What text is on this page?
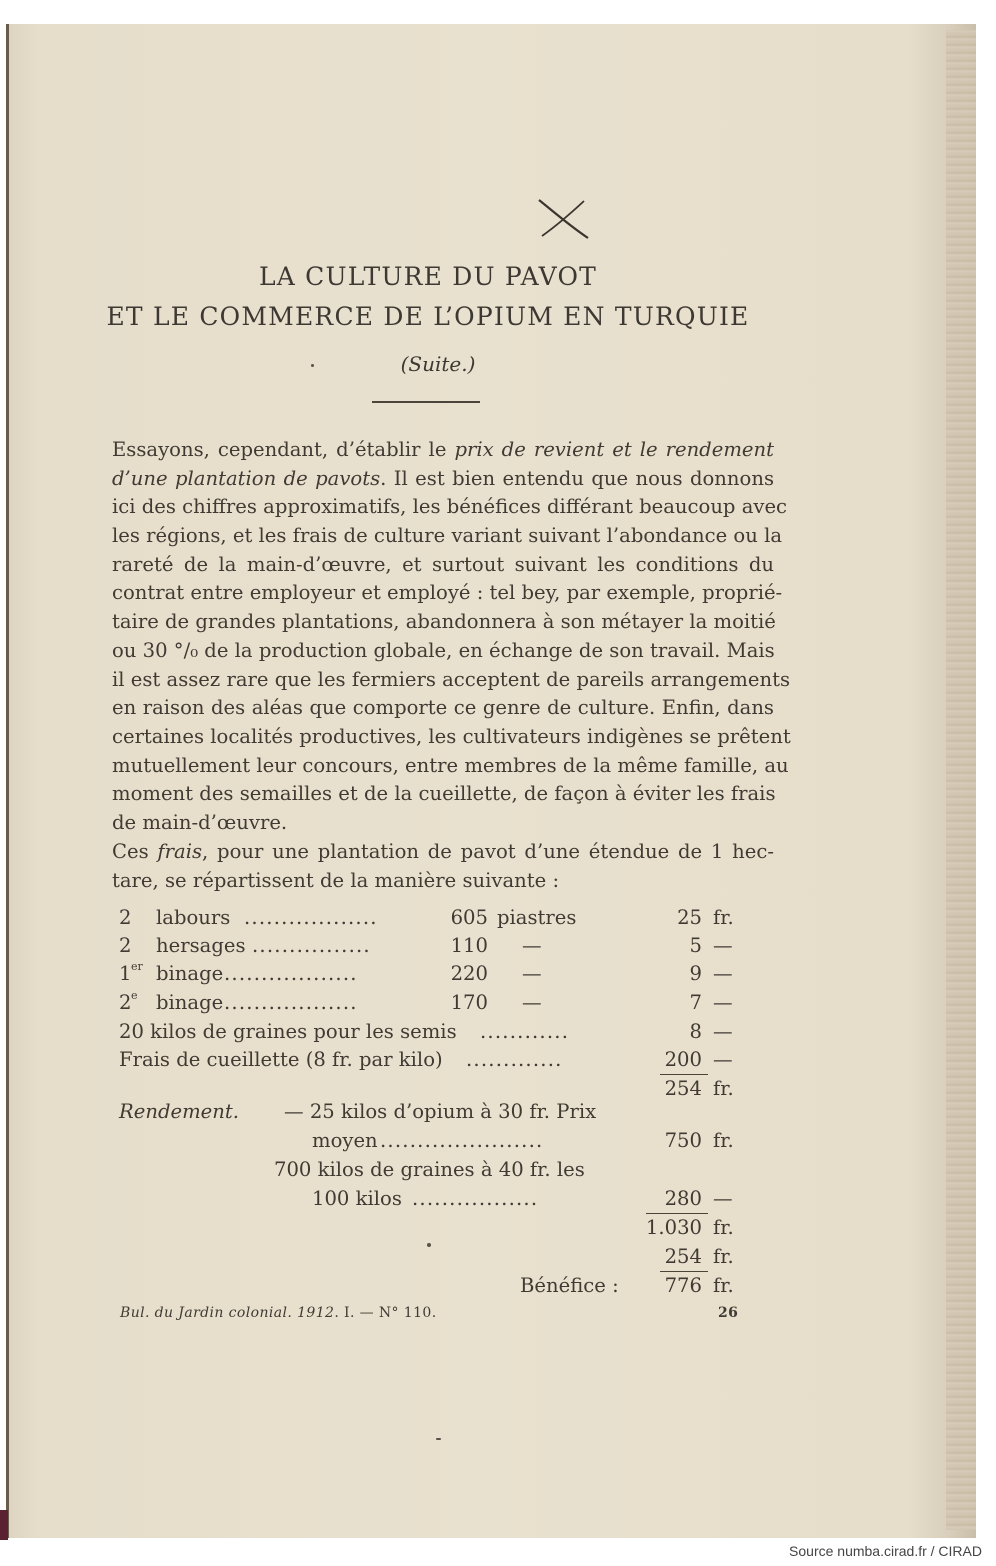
LA CULTURE DU PAVOT
ET LE COMMERCE DE L’OPIUM EN TURQUIE
(Suite.)
Essayons, cependant, d’établir le prix de revient et le rendement
d’une plantation de pavots. Il est bien entendu que nous donnons
ici des chiffres approximatifs, les bénéfices différant beaucoup avec
les régions, et les frais de culture variant suivant l’abondance ou la
rareté de la main-d’œuvre, et surtout suivant les conditions du
contrat entre employeur et employé : tel bey, par exemple, proprié-
taire de grandes plantations, abandonnera à son métayer la moitié
ou 30 °/₀ de la production globale, en échange de son travail. Mais
il est assez rare que les fermiers acceptent de pareils arrangements
en raison des aléas que comporte ce genre de culture. Enfin, dans
certaines localités productives, les cultivateurs indigènes se prêtent
mutuellement leur concours, entre membres de la même famille, au
moment des semailles et de la cueillette, de façon à éviter les frais
de main-d’œuvre.
Ces frais, pour une plantation de pavot d’une étendue de 1 hec-
tare, se répartissent de la manière suivante :
2 labours ..................	605 piastres	25 fr.
2 hersages ................	110 —	5 —
1 er binage ..................	220 —	9 —
2 e binage ..................	170 —	7 —
20 kilos de graines pour les semis ............	8 —
Frais de cueillette (8 fr. par kilo) .............	200 —
254 fr.
Rendement. — 25 kilos d’opium à 30 fr. Prix
moyen ......................	750 fr.
700 kilos de graines à 40 fr. les
100 kilos .................	280 —
1.030 fr.
254 fr.
Bénéfice :	776 fr.
Bul. du Jardin colonial. 1912. I. — N° 110.	26
Source numba.cirad.fr / CIRAD
